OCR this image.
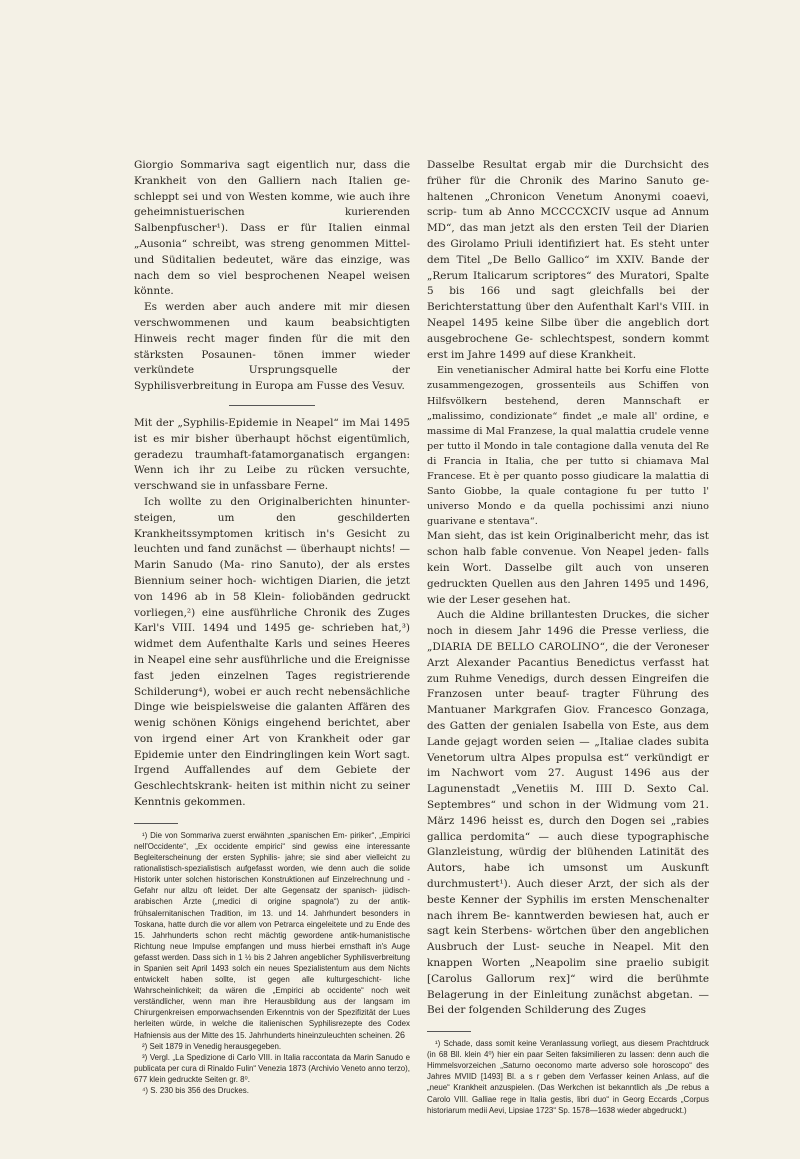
Giorgio Sommariva sagt eigentlich nur, dass die Krankheit von den Galliern nach Italien ge- schleppt sei und von Westen komme, wie auch ihre geheimnistuerischen kurierenden Salbenpfuscher¹). Dass er für Italien einmal „Ausonia“ schreibt, was streng genommen Mittel- und Süditalien bedeutet, wäre das einzige, was nach dem so viel besprochenen Neapel weisen könnte.

Es werden aber auch andere mit mir diesen verschwommenen und kaum beabsichtigten Hinweis recht mager finden für die mit den stärksten Posaunen- tönen immer wieder verkündete Ursprungsquelle der Syphilisverbreitung in Europa am Fusse des Vesuv.

Mit der „Syphilis-Epidemie in Neapel“ im Mai 1495 ist es mir bisher überhaupt höchst eigentümlich, geradezu traumhaft-fatamorganatisch ergangen: Wenn ich ihr zu Leibe zu rücken versuchte, verschwand sie in unfassbare Ferne.

Ich wollte zu den Originalberichten hinunter- steigen, um den geschilderten Krankheitssymptomen kritisch in's Gesicht zu leuchten und fand zunächst — überhaupt nichts! — Marin Sanudo (Ma- rino Sanuto), der als erstes Biennium seiner hoch- wichtigen Diarien, die jetzt von 1496 ab in 58 Klein- foliobänden gedruckt vorliegen,²) eine ausführliche Chronik des Zuges Karl's VIII. 1494 und 1495 ge- schrieben hat,³) widmet dem Aufenthalte Karls und seines Heeres in Neapel eine sehr ausführliche und die Ereignisse fast jeden einzelnen Tages registrierende Schilderung⁴), wobei er auch recht nebensächliche Dinge wie beispielsweise die galanten Affären des wenig schönen Königs eingehend berichtet, aber von irgend einer Art von Krankheit oder gar Epidemie unter den Eindringlingen kein Wort sagt. Irgend Auffallendes auf dem Gebiete der Geschlechtskrank- heiten ist mithin nicht zu seiner Kenntnis gekommen.

¹) Die von Sommariva zuerst erwähnten „spanischen Em- piriker“, „Empirici nell'Occidente“, „Ex occidente empirici“ sind gewiss eine interessante Begleiterscheinung der ersten Syphilis- jahre; sie sind aber vielleicht zu rationalistisch-spezialistisch aufgefasst worden, wie denn auch die solide Historik unter solchen historischen Konstruktionen auf Einzelrechnung und -Gefahr nur allzu oft leidet. Der alte Gegensatz der spanisch- jüdisch-arabischen Ärzte („medici di origine spagnola“) zu der antik-frühsalernitanischen Tradition, im 13. und 14. Jahrhundert besonders in Toskana, hatte durch die vor allem von Petrarca eingeleitete und zu Ende des 15. Jahrhunderts schon recht mächtig gewordene antik-humanistische Richtung neue Impulse empfangen und muss hierbei ernsthaft in's Auge gefasst werden. Dass sich in 1 ½ bis 2 Jahren angeblicher Syphilisverbreitung in Spanien seit April 1493 solch ein neues Spezialistentum aus dem Nichts entwickelt haben sollte, ist gegen alle kulturgeschicht- liche Wahrscheinlichkeit; da wären die „Empirici ab occidente“ noch weit verständlicher, wenn man ihre Herausbildung aus der langsam im Chirurgenkreisen emporwachsenden Erkenntnis von der Spezifizität der Lues herleiten würde, in welche die italienischen Syphilisrezepte des Codex Hafniensis aus der Mitte des 15. Jahrhunderts hineinzuleuchten scheinen.

²) Seit 1879 in Venedig herausgegeben.

³) Vergl. „La Spedizione di Carlo VIII. in Italia raccontata da Marin Sanudo e publicata per cura di Rinaldo Fulin“ Venezia 1873 (Archivio Veneto anno terzo), 677 klein gedruckte Seiten gr. 8⁰.

⁴) S. 230 bis 356 des Druckes.

Dasselbe Resultat ergab mir die Durchsicht des früher für die Chronik des Marino Sanuto ge- haltenen „Chronicon Venetum Anonymi coaevi, scrip- tum ab Anno MCCCCXCIV usque ad Annum MD“, das man jetzt als den ersten Teil der Diarien des Girolamo Priuli identifiziert hat. Es steht unter dem Titel „De Bello Gallico“ im XXIV. Bande der „Rerum Italicarum scriptores“ des Muratori, Spalte 5 bis 166 und sagt gleichfalls bei der Berichterstattung über den Aufenthalt Karl's VIII. in Neapel 1495 keine Silbe über die angeblich dort ausgebrochene Ge- schlechtspest, sondern kommt erst im Jahre 1499 auf diese Krankheit.

Ein venetianischer Admiral hatte bei Korfu eine Flotte zusammengezogen, grossenteils aus Schiffen von Hilfsvölkern bestehend, deren Mannschaft er „malissimo, condizionate“ findet „e male all' ordine, e massime di Mal Franzese, la qual malattia crudele venne per tutto il Mondo in tale contagione dalla venuta del Re di Francia in Italia, che per tutto si chiamava Mal Francese. Et è per quanto posso giudicare la malattia di Santo Giobbe, la quale contagione fu per tutto l' universo Mondo e da quella pochissimi anzi niuno guarivane e stentava“.

Man sieht, das ist kein Originalbericht mehr, das ist schon halb fable convenue. Von Neapel jeden- falls kein Wort. Dasselbe gilt auch von unseren gedruckten Quellen aus den Jahren 1495 und 1496, wie der Leser gesehen hat.

Auch die Aldine brillantesten Druckes, die sicher noch in diesem Jahr 1496 die Presse verliess, die „DIARIA DE BELLO CAROLINO“, die der Veroneser Arzt Alexander Pacantius Benedictus verfasst hat zum Ruhme Venedigs, durch dessen Eingreifen die Franzosen unter beauf- tragter Führung des Mantuaner Markgrafen Giov. Francesco Gonzaga, des Gatten der genialen Isabella von Este, aus dem Lande gejagt worden seien — „Italiae clades subita Venetorum ultra Alpes propulsa est“ verkündigt er im Nachwort vom 27. August 1496 aus der Lagunenstadt „Venetiis M. IIII D. Sexto Cal. Septembres“ und schon in der Widmung vom 21. März 1496 heisst es, durch den Dogen sei „rabies gallica perdomita“ — auch diese typographische Glanzleistung, würdig der blühenden Latinität des Autors, habe ich umsonst um Auskunft durchmustert¹). Auch dieser Arzt, der sich als der beste Kenner der Syphilis im ersten Menschenalter nach ihrem Be- kanntwerden bewiesen hat, auch er sagt kein Sterbens- wörtchen über den angeblichen Ausbruch der Lust- seuche in Neapel. Mit den knappen Worten „Neapolim sine praelio subigit [Carolus Gallorum rex]“ wird die berühmte Belagerung in der Einleitung zunächst abgetan. — Bei der folgenden Schilderung des Zuges

¹) Schade, dass somit keine Veranlassung vorliegt, aus diesem Prachtdruck (in 68 Bll. klein 4⁰) hier ein paar Seiten faksimilieren zu lassen: denn auch die Himmelsvorzeichen „Saturno oeconomo marte adverso sole horoscopo“ des Jahres MVIID [1493] Bl. a s r geben dem Verfasser keinen Anlass, auf die „neue“ Krankheit anzuspielen. (Das Werkchen ist bekanntlich als „De rebus a Carolo VIII. Galliae rege in Italia gestis, libri duo“ in Georg Eccards „Corpus historiarum medii Aevi, Lipsiae 1723“ Sp. 1578—1638 wieder abgedruckt.)

26
